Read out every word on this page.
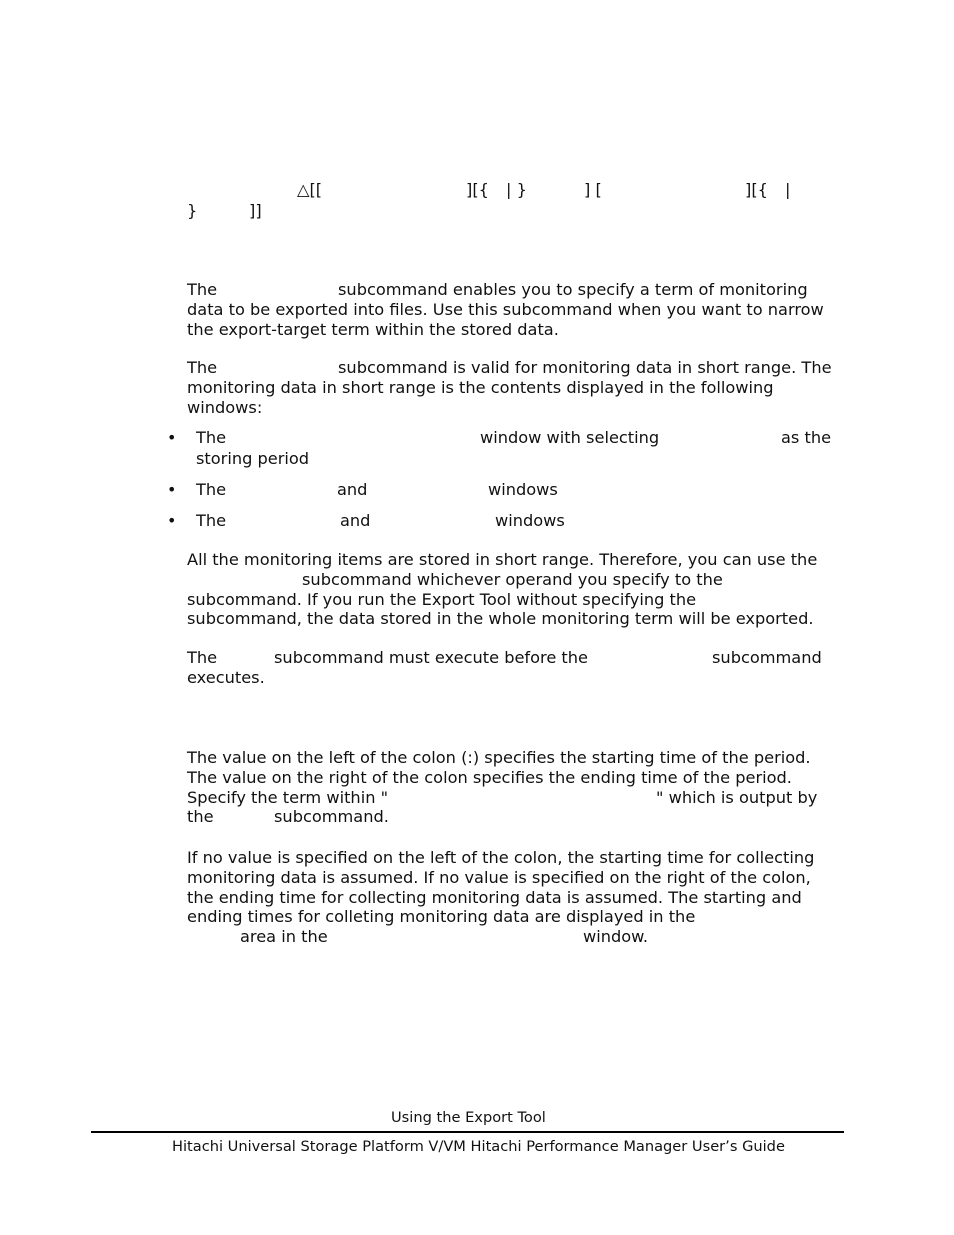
△[[	][{ | }	] [	][{ |
}	]]
The	subcommand enables you to specify a term of monitoring
data to be exported into files. Use this subcommand when you want to narrow
the export-target term within the stored data.
The	subcommand is valid for monitoring data in short range. The
monitoring data in short range is the contents displayed in the following
windows:
• The	window with selecting	as the
storing period
• The	and	windows
• The	and	windows
All the monitoring items are stored in short range. Therefore, you can use the
subcommand whichever operand you specify to the
subcommand. If you run the Export Tool without specifying the
subcommand, the data stored in the whole monitoring term will be exported.
The	subcommand must execute before the	subcommand
executes.
The value on the left of the colon (:) specifies the starting time of the period.
The value on the right of the colon specifies the ending time of the period.
Specify the term within "	" which is output by
the	subcommand.
If no value is specified on the left of the colon, the starting time for collecting
monitoring data is assumed. If no value is specified on the right of the colon,
the ending time for collecting monitoring data is assumed. The starting and
ending times for colleting monitoring data are displayed in the
area in the	window.
Using the Export Tool
Hitachi Universal Storage Platform V/VM Hitachi Performance Manager User’s Guide
